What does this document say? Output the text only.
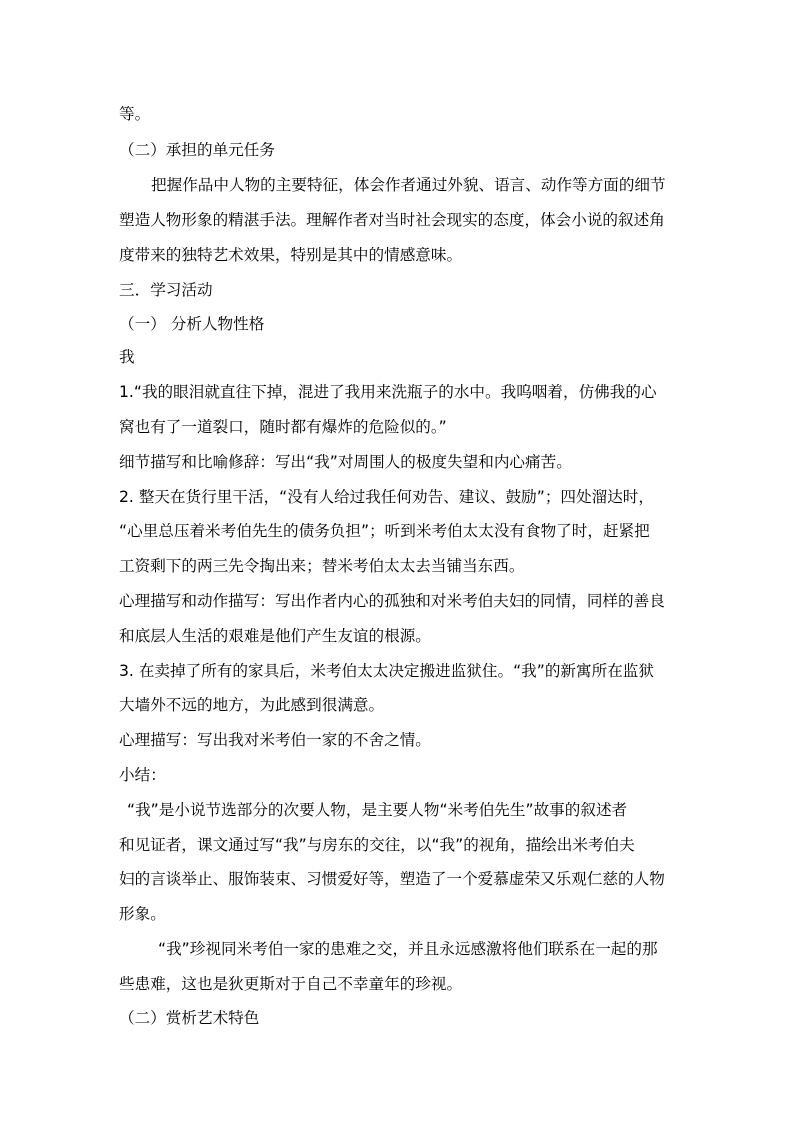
等。
（二）承担的单元任务
把握作品中人物的主要特征，体会作者通过外貌、语言、动作等方面的细节
塑造人物形象的精湛手法。理解作者对当时社会现实的态度，体会小说的叙述角
度带来的独特艺术效果，特别是其中的情感意味。
三．学习活动
（一） 分析人物性格
我
1.“我的眼泪就直往下掉，混进了我用来洗瓶子的水中。我呜咽着，仿佛我的心
窝也有了一道裂口，随时都有爆炸的危险似的。”
细节描写和比喻修辞：写出“我”对周围人的极度失望和内心痛苦。
2. 整天在货行里干活，“没有人给过我任何劝告、建议、鼓励”；四处溜达时，
“心里总压着米考伯先生的债务负担”；听到米考伯太太没有食物了时，赶紧把
工资剩下的两三先令掏出来；替米考伯太太去当铺当东西。
心理描写和动作描写：写出作者内心的孤独和对米考伯夫妇的同情，同样的善良
和底层人生活的艰难是他们产生友谊的根源。
3. 在卖掉了所有的家具后，米考伯太太决定搬进监狱住。“我”的新寓所在监狱
大墙外不远的地方，为此感到很满意。
心理描写：写出我对米考伯一家的不舍之情。
小结：
“我”是小说节选部分的次要人物，是主要人物“米考伯先生”故事的叙述者
和见证者，课文通过写“我”与房东的交往，以“我”的视角，描绘出米考伯夫
妇的言谈举止、服饰装束、习惯爱好等，塑造了一个爱慕虚荣又乐观仁慈的人物
形象。
“我”珍视同米考伯一家的患难之交，并且永远感激将他们联系在一起的那
些患难，这也是狄更斯对于自己不幸童年的珍视。
（二）赏析艺术特色
